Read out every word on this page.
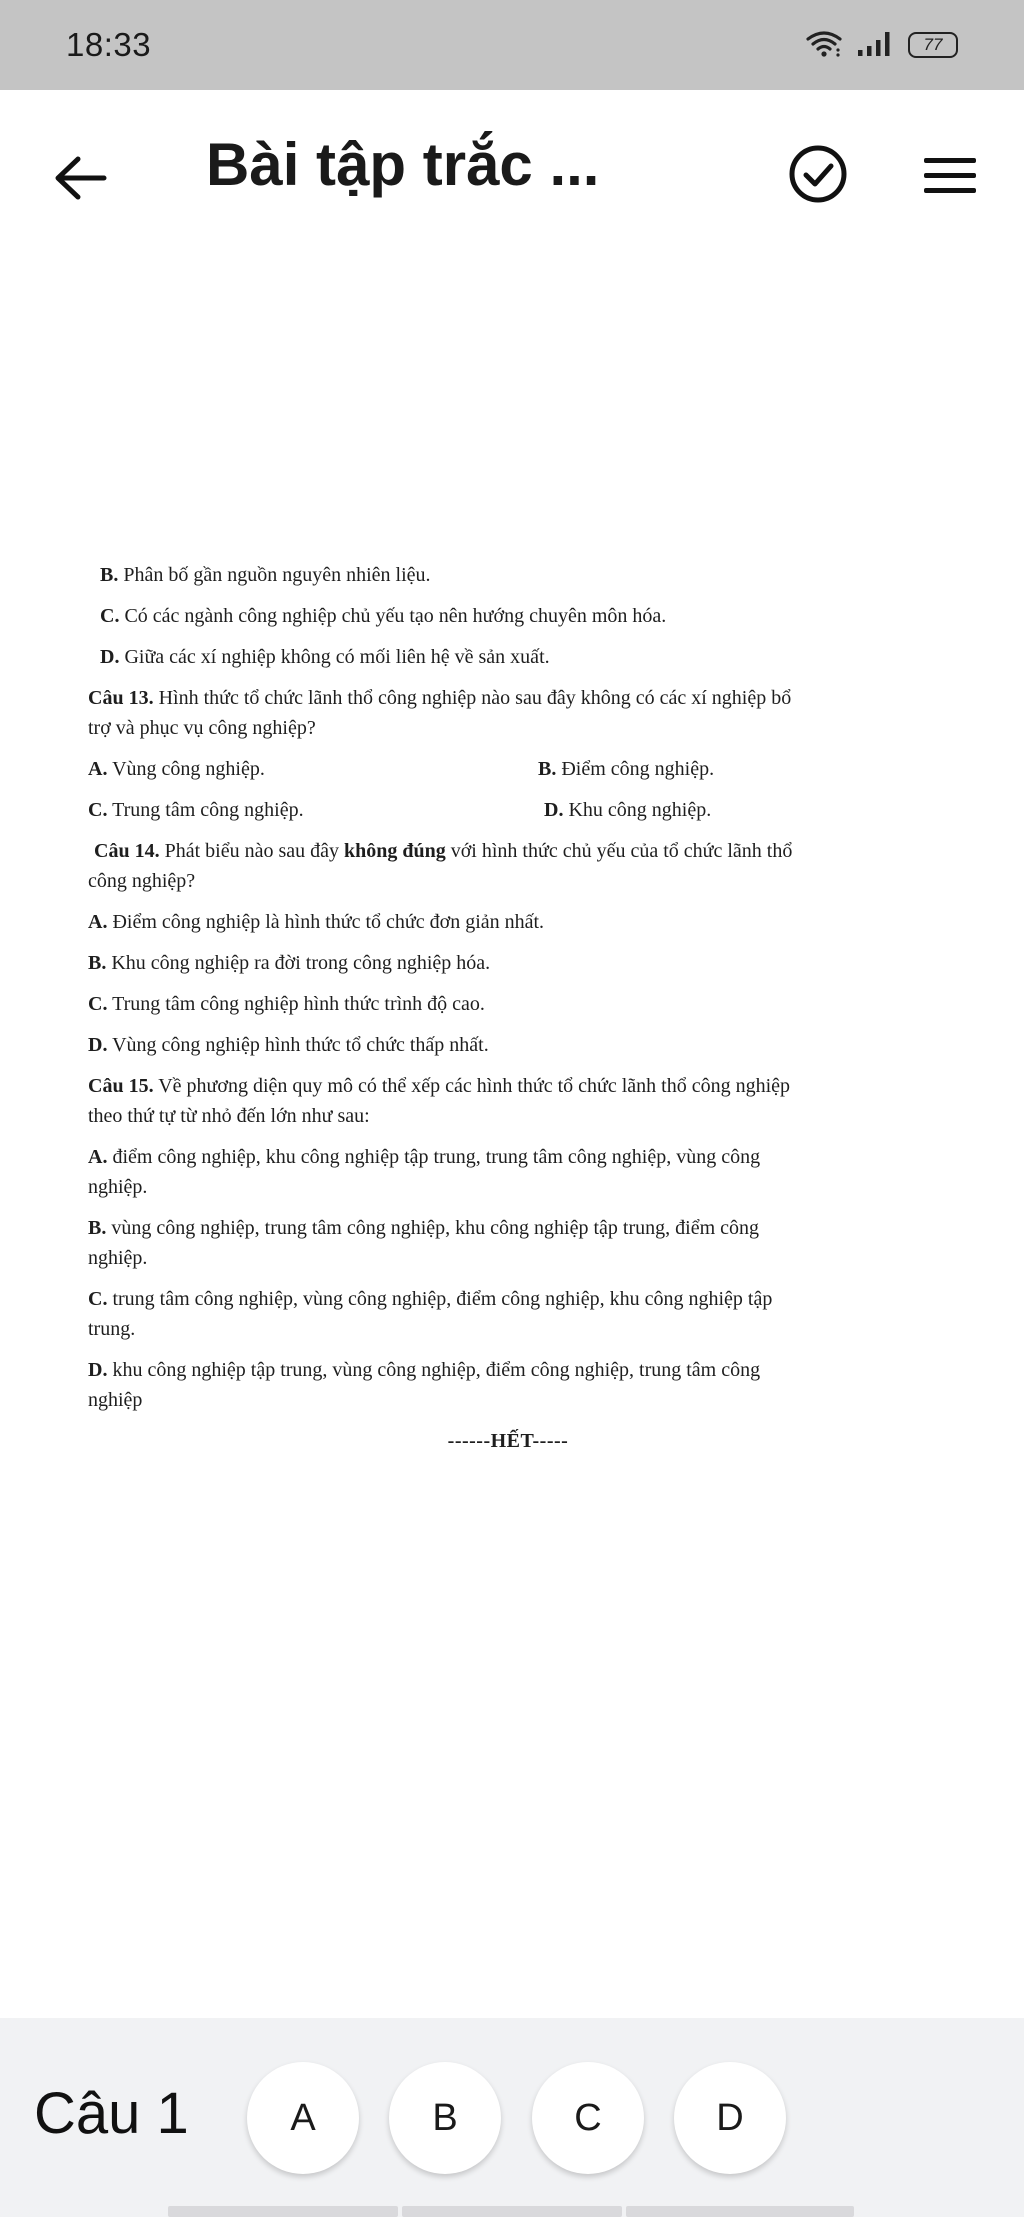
18:33	77
Bài tập trắc ...
B. Phân bố gần nguồn nguyên nhiên liệu.
C. Có các ngành công nghiệp chủ yếu tạo nên hướng chuyên môn hóa.
D. Giữa các xí nghiệp không có mối liên hệ về sản xuất.
Câu 13. Hình thức tổ chức lãnh thổ công nghiệp nào sau đây không có các xí nghiệp bổ
trợ và phục vụ công nghiệp?
A. Vùng công nghiệp.	B. Điểm công nghiệp.
C. Trung tâm công nghiệp.	D. Khu công nghiệp.
Câu 14. Phát biểu nào sau đây không đúng với hình thức chủ yếu của tổ chức lãnh thổ
công nghiệp?
A. Điểm công nghiệp là hình thức tổ chức đơn giản nhất.
B. Khu công nghiệp ra đời trong công nghiệp hóa.
C. Trung tâm công nghiệp hình thức trình độ cao.
D. Vùng công nghiệp hình thức tổ chức thấp nhất.
Câu 15. Về phương diện quy mô có thể xếp các hình thức tổ chức lãnh thổ công nghiệp
theo thứ tự từ nhỏ đến lớn như sau:
A. điểm công nghiệp, khu công nghiệp tập trung, trung tâm công nghiệp, vùng công
nghiệp.
B. vùng công nghiệp, trung tâm công nghiệp, khu công nghiệp tập trung, điểm công
nghiệp.
C. trung tâm công nghiệp, vùng công nghiệp, điểm công nghiệp, khu công nghiệp tập
trung.
D. khu công nghiệp tập trung, vùng công nghiệp, điểm công nghiệp, trung tâm công
nghiệp
------HẾT-----
Câu 1	A	B	C	D
